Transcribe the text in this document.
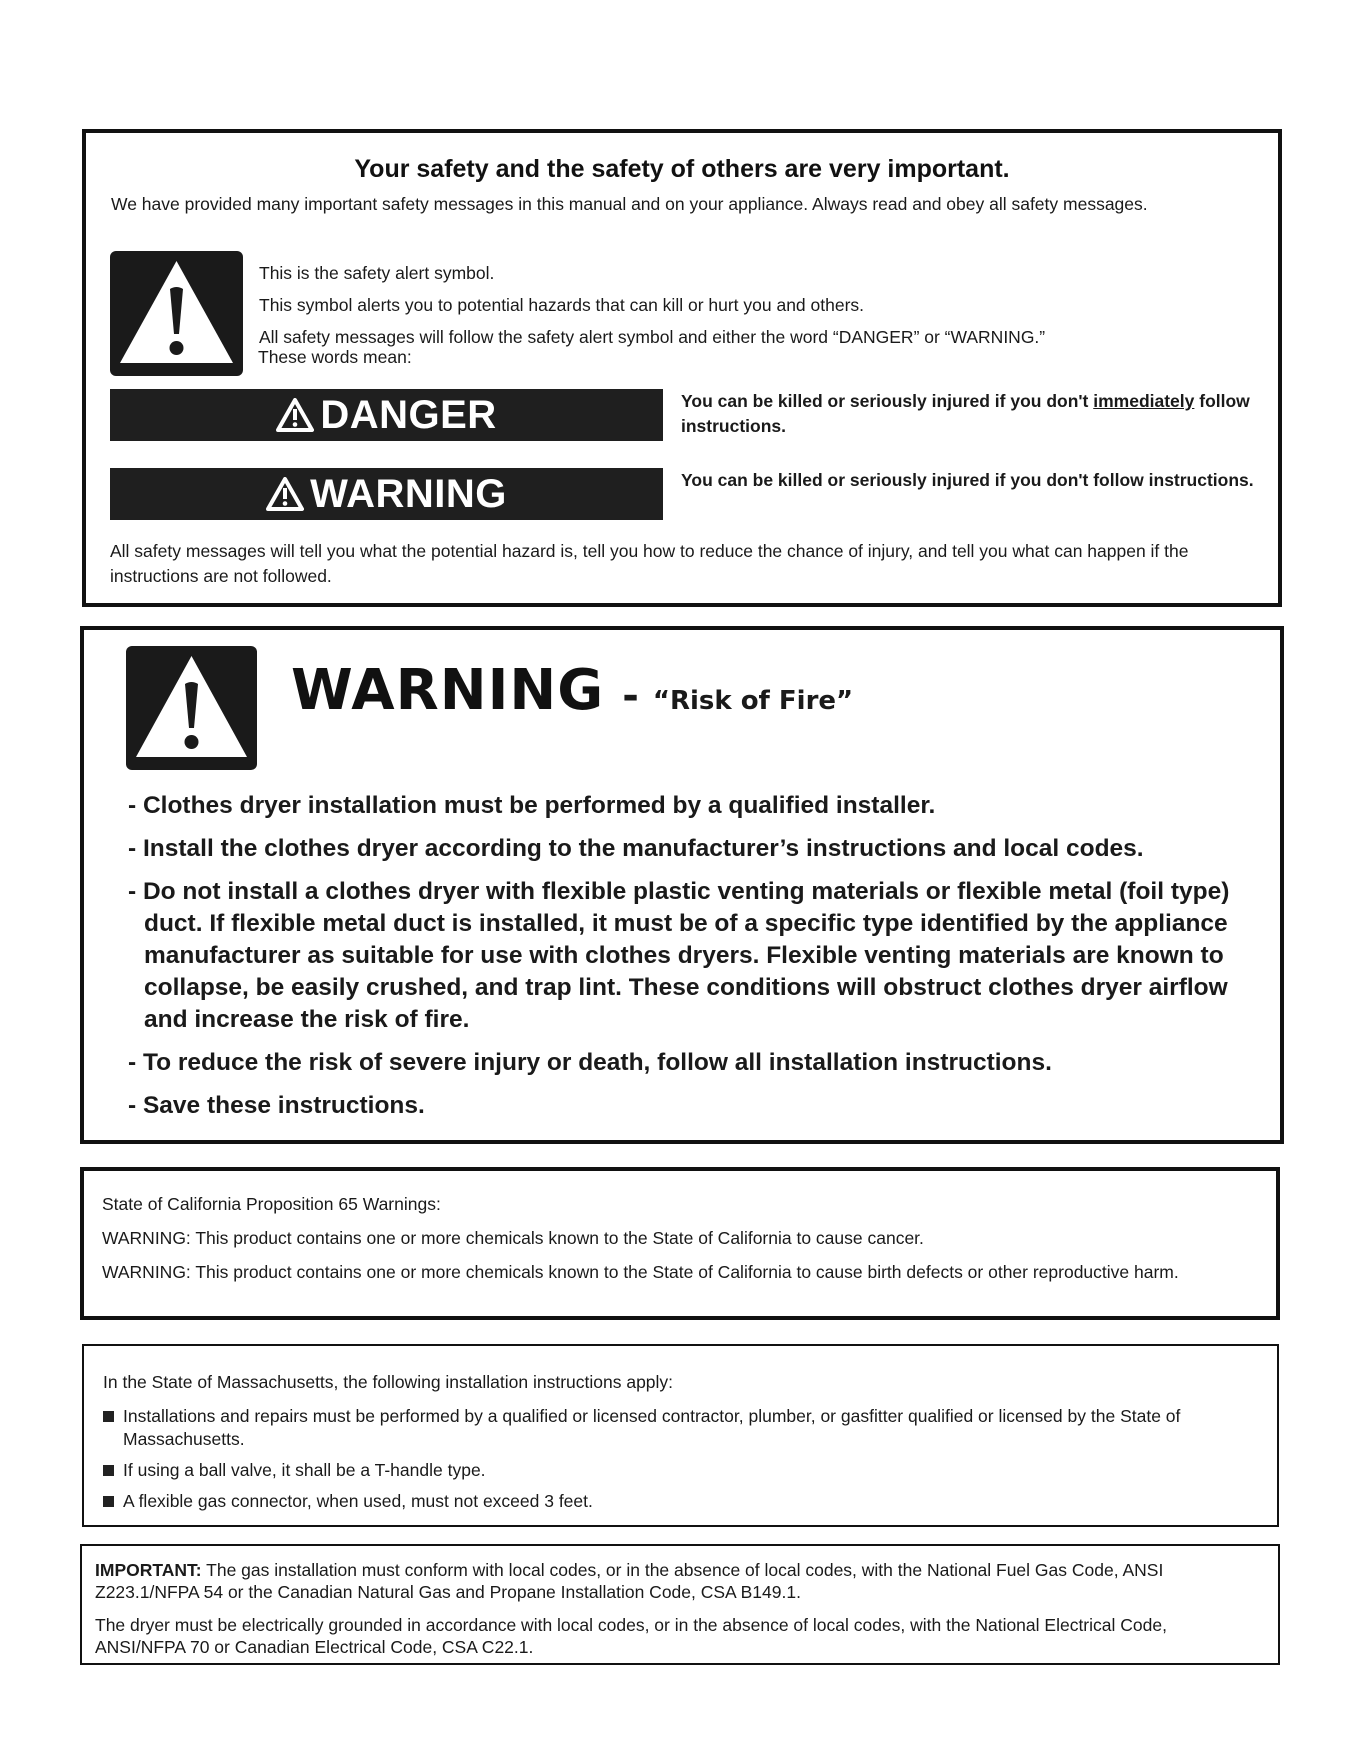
Your safety and the safety of others are very important.
We have provided many important safety messages in this manual and on your appliance. Always read and obey all safety messages.
This is the safety alert symbol.
This symbol alerts you to potential hazards that can kill or hurt you and others.
All safety messages will follow the safety alert symbol and either the word “DANGER” or “WARNING.”
These words mean:
DANGER	You can be killed or seriously injured if you don't immediately follow instructions.
WARNING	You can be killed or seriously injured if you don't follow instructions.
All safety messages will tell you what the potential hazard is, tell you how to reduce the chance of injury, and tell you what can happen if the instructions are not followed.
WARNING - “Risk of Fire”
- Clothes dryer installation must be performed by a qualified installer.
- Install the clothes dryer according to the manufacturer’s instructions and local codes.
- Do not install a clothes dryer with flexible plastic venting materials or flexible metal (foil type) duct. If flexible metal duct is installed, it must be of a specific type identified by the appliance manufacturer as suitable for use with clothes dryers. Flexible venting materials are known to collapse, be easily crushed, and trap lint. These conditions will obstruct clothes dryer airflow and increase the risk of fire.
- To reduce the risk of severe injury or death, follow all installation instructions.
- Save these instructions.
State of California Proposition 65 Warnings:
WARNING: This product contains one or more chemicals known to the State of California to cause cancer.
WARNING: This product contains one or more chemicals known to the State of California to cause birth defects or other reproductive harm.
In the State of Massachusetts, the following installation instructions apply:
Installations and repairs must be performed by a qualified or licensed contractor, plumber, or gasfitter qualified or licensed by the State of Massachusetts.
If using a ball valve, it shall be a T-handle type.
A flexible gas connector, when used, must not exceed 3 feet.
IMPORTANT: The gas installation must conform with local codes, or in the absence of local codes, with the National Fuel Gas Code, ANSI Z223.1/NFPA 54 or the Canadian Natural Gas and Propane Installation Code, CSA B149.1.
The dryer must be electrically grounded in accordance with local codes, or in the absence of local codes, with the National Electrical Code, ANSI/NFPA 70 or Canadian Electrical Code, CSA C22.1.
